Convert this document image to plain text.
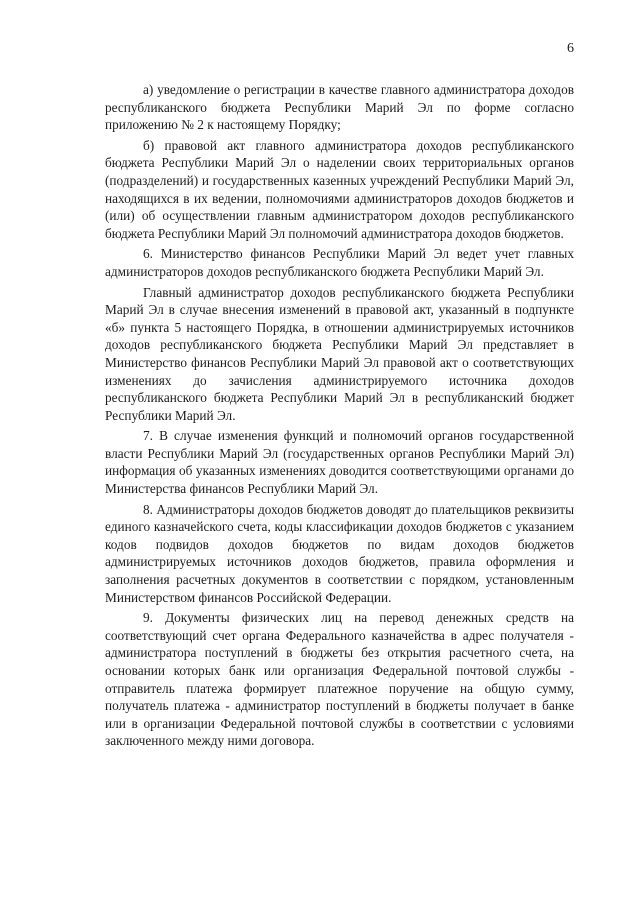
6

а) уведомление о регистрации в качестве главного администратора доходов республиканского бюджета Республики Марий Эл по форме согласно приложению № 2 к настоящему Порядку;

б) правовой акт главного администратора доходов республиканского бюджета Республики Марий Эл о наделении своих территориальных органов (подразделений) и государственных казенных учреждений Республики Марий Эл, находящихся в их ведении, полномочиями администраторов доходов бюджетов и (или) об осуществлении главным администратором доходов республиканского бюджета Республики Марий Эл полномочий администратора доходов бюджетов.

6. Министерство финансов Республики Марий Эл ведет учет главных администраторов доходов республиканского бюджета Республики Марий Эл.

Главный администратор доходов республиканского бюджета Республики Марий Эл в случае внесения изменений в правовой акт, указанный в подпункте «б» пункта 5 настоящего Порядка, в отношении администрируемых источников доходов республиканского бюджета Республики Марий Эл представляет в Министерство финансов Республики Марий Эл правовой акт о соответствующих изменениях до зачисления администрируемого источника доходов республиканского бюджета Республики Марий Эл в республиканский бюджет Республики Марий Эл.

7. В случае изменения функций и полномочий органов государственной власти Республики Марий Эл (государственных органов Республики Марий Эл) информация об указанных изменениях доводится соответствующими органами до Министерства финансов Республики Марий Эл.

8. Администраторы доходов бюджетов доводят до плательщиков реквизиты единого казначейского счета, коды классификации доходов бюджетов с указанием кодов подвидов доходов бюджетов по видам доходов бюджетов администрируемых источников доходов бюджетов, правила оформления и заполнения расчетных документов в соответствии с порядком, установленным Министерством финансов Российской Федерации.

9. Документы физических лиц на перевод денежных средств на соответствующий счет органа Федерального казначейства в адрес получателя - администратора поступлений в бюджеты без открытия расчетного счета, на основании которых банк или организация Федеральной почтовой службы - отправитель платежа формирует платежное поручение на общую сумму, получатель платежа - администратор поступлений в бюджеты получает в банке или в организации Федеральной почтовой службы в соответствии с условиями заключенного между ними договора.
